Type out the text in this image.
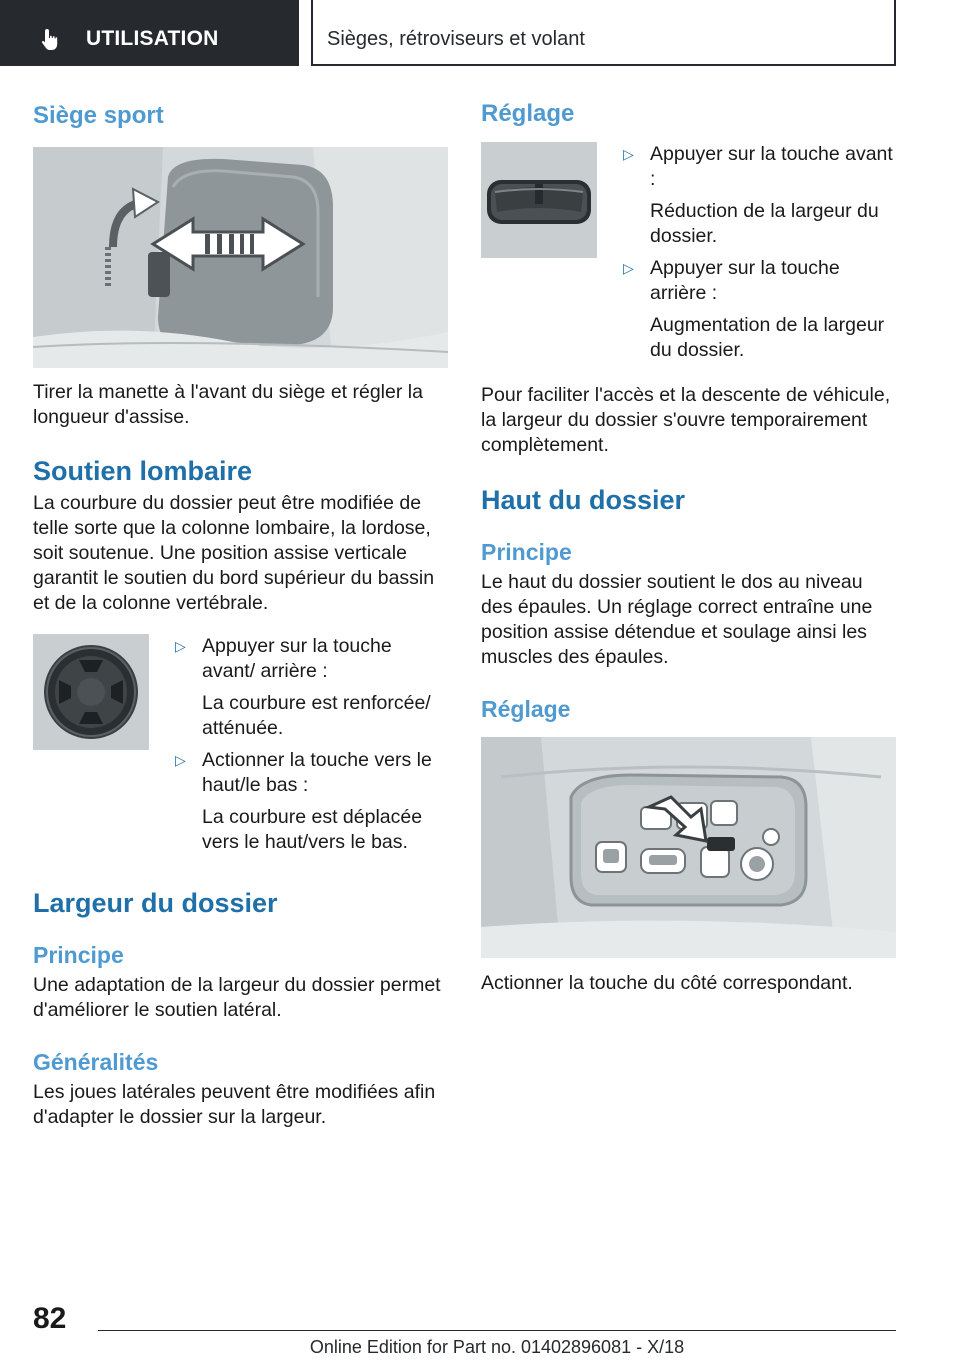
UTILISATION	Sièges, rétroviseurs et volant
Siège sport

Tirer la manette à l'avant du siège et régler la longueur d'assise.

Soutien lombaire

La courbure du dossier peut être modifiée de telle sorte que la colonne lombaire, la lordose, soit soutenue. Une position assise verticale garantit le soutien du bord supérieur du bassin et de la colonne vertébrale.

▷ Appuyer sur la touche avant/ arrière :
La courbure est renforcée/ atténuée.
▷ Actionner la touche vers le haut/le bas :
La courbure est déplacée vers le haut/vers le bas.
Largeur du dossier
Principe

Une adaptation de la largeur du dossier permet d'améliorer le soutien latéral.

Généralités

Les joues latérales peuvent être modifiées afin d'adapter le dossier sur la largeur.

Réglage
▷ Appuyer sur la touche avant :
Réduction de la largeur du dossier.
▷ Appuyer sur la touche arrière :
Augmentation de la largeur du dossier.

Pour faciliter l'accès et la descente de véhicule, la largeur du dossier s'ouvre temporairement complètement.

Haut du dossier
Principe

Le haut du dossier soutient le dos au niveau des épaules. Un réglage correct entraîne une position assise détendue et soulage ainsi les muscles des épaules.

Réglage

Actionner la touche du côté correspondant.

82
Online Edition for Part no. 01402896081 - X/18
